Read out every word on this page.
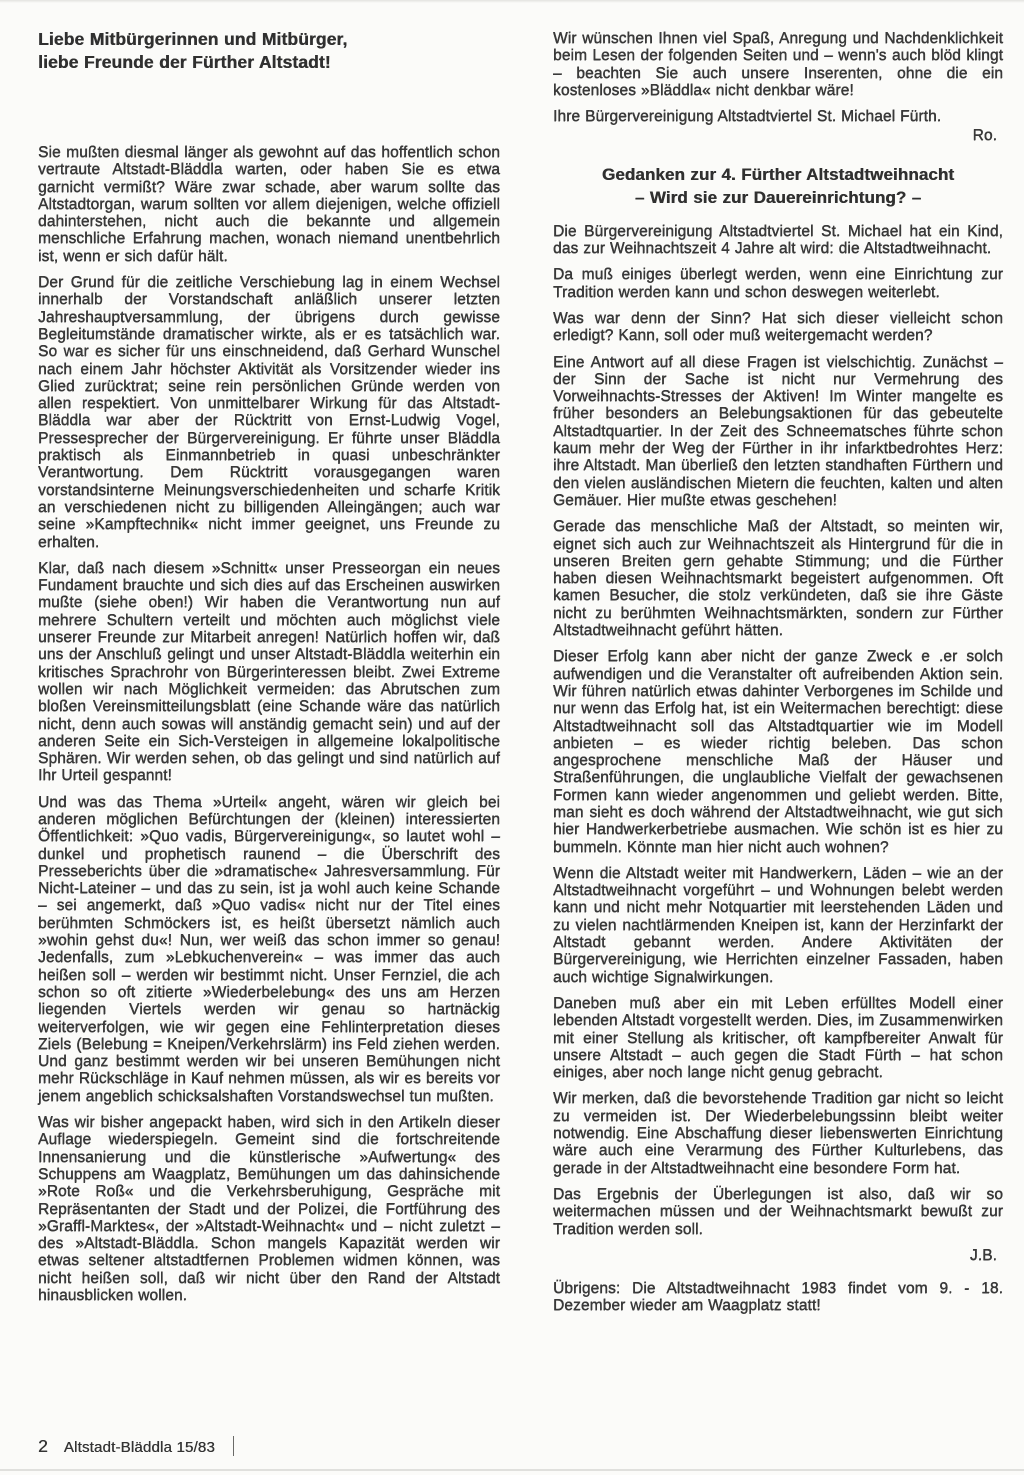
Liebe Mitbürgerinnen und Mitbürger,
liebe Freunde der Fürther Altstadt!

Sie mußten diesmal länger als gewohnt auf das hoffentlich schon vertraute Altstadt-Bläddla warten, oder haben Sie es etwa garnicht vermißt? Wäre zwar schade, aber warum sollte das Altstadtorgan, warum sollten vor allem diejenigen, welche offiziell dahinterstehen, nicht auch die bekannte und allgemein menschliche Erfahrung machen, wonach niemand unentbehrlich ist, wenn er sich dafür hält.

Der Grund für die zeitliche Verschiebung lag in einem Wechsel innerhalb der Vorstandschaft anläßlich unserer letzten Jahreshauptversammlung, der übrigens durch gewisse Begleitumstände dramatischer wirkte, als er es tatsächlich war. So war es sicher für uns einschneidend, daß Gerhard Wunschel nach einem Jahr höchster Aktivität als Vorsitzender wieder ins Glied zurücktrat; seine rein persönlichen Gründe werden von allen respektiert. Von unmittelbarer Wirkung für das Altstadt-Bläddla war aber der Rücktritt von Ernst-Ludwig Vogel, Pressesprecher der Bürgervereinigung. Er führte unser Bläddla praktisch als Einmannbetrieb in quasi unbeschränkter Verantwortung. Dem Rücktritt vorausgegangen waren vorstandsinterne Meinungsverschiedenheiten und scharfe Kritik an verschiedenen nicht zu billigenden Alleingängen; auch war seine »Kampftechnik« nicht immer geeignet, uns Freunde zu erhalten.

Klar, daß nach diesem »Schnitt« unser Presseorgan ein neues Fundament brauchte und sich dies auf das Erscheinen auswirken mußte (siehe oben!) Wir haben die Verantwortung nun auf mehrere Schultern verteilt und möchten auch möglichst viele unserer Freunde zur Mitarbeit anregen! Natürlich hoffen wir, daß uns der Anschluß gelingt und unser Altstadt-Bläddla weiterhin ein kritisches Sprachrohr von Bürgerinteressen bleibt. Zwei Extreme wollen wir nach Möglichkeit vermeiden: das Abrutschen zum bloßen Vereinsmitteilungsblatt (eine Schande wäre das natürlich nicht, denn auch sowas will anständig gemacht sein) und auf der anderen Seite ein Sich-Versteigen in allgemeine lokalpolitische Sphären. Wir werden sehen, ob das gelingt und sind natürlich auf Ihr Urteil gespannt!

Und was das Thema »Urteil« angeht, wären wir gleich bei anderen möglichen Befürchtungen der (kleinen) interessierten Öffentlichkeit: »Quo vadis, Bürgervereinigung«, so lautet wohl – dunkel und prophetisch raunend – die Überschrift des Presseberichts über die »dramatische« Jahresversammlung. Für Nicht-Lateiner – und das zu sein, ist ja wohl auch keine Schande – sei angemerkt, daß »Quo vadis« nicht nur der Titel eines berühmten Schmöckers ist, es heißt übersetzt nämlich auch »wohin gehst du«! Nun, wer weiß das schon immer so genau! Jedenfalls, zum »Lebkuchenverein« – was immer das auch heißen soll – werden wir bestimmt nicht. Unser Fernziel, die ach schon so oft zitierte »Wiederbelebung« des uns am Herzen liegenden Viertels werden wir genau so hartnäckig weiterverfolgen, wie wir gegen eine Fehlinterpretation dieses Ziels (Belebung = Kneipen/Verkehrslärm) ins Feld ziehen werden. Und ganz bestimmt werden wir bei unseren Bemühungen nicht mehr Rückschläge in Kauf nehmen müssen, als wir es bereits vor jenem angeblich schicksalshaften Vorstandswechsel tun mußten.

Was wir bisher angepackt haben, wird sich in den Artikeln dieser Auflage wiederspiegeln. Gemeint sind die fortschreitende Innensanierung und die künstlerische »Aufwertung« des Schuppens am Waagplatz, Bemühungen um das dahinsichende »Rote Roß« und die Verkehrsberuhigung, Gespräche mit Repräsentanten der Stadt und der Polizei, die Fortführung des »Graffl-Marktes«, der »Altstadt-Weihnacht« und – nicht zuletzt – des »Altstadt-Bläddla. Schon mangels Kapazität werden wir etwas seltener altstadtfernen Problemen widmen können, was nicht heißen soll, daß wir nicht über den Rand der Altstadt hinausblicken wollen.

Wir wünschen Ihnen viel Spaß, Anregung und Nachdenklichkeit beim Lesen der folgenden Seiten und – wenn's auch blöd klingt – beachten Sie auch unsere Inserenten, ohne die ein kostenloses »Bläddla« nicht denkbar wäre!

Ihre Bürgervereinigung Altstadtviertel St. Michael Fürth.

Ro.

Gedanken zur 4. Fürther Altstadtweihnacht
– Wird sie zur Dauereinrichtung? –

Die Bürgervereinigung Altstadtviertel St. Michael hat ein Kind, das zur Weihnachtszeit 4 Jahre alt wird: die Altstadtweihnacht.

Da muß einiges überlegt werden, wenn eine Einrichtung zur Tradition werden kann und schon deswegen weiterlebt.

Was war denn der Sinn? Hat sich dieser vielleicht schon erledigt? Kann, soll oder muß weitergemacht werden?

Eine Antwort auf all diese Fragen ist vielschichtig. Zunächst – der Sinn der Sache ist nicht nur Vermehrung des Vorweihnachts-Stresses der Aktiven! Im Winter mangelte es früher besonders an Belebungsaktionen für das gebeutelte Altstadtquartier. In der Zeit des Schneematsches führte schon kaum mehr der Weg der Fürther in ihr infarktbedrohtes Herz: ihre Altstadt. Man überließ den letzten standhaften Fürthern und den vielen ausländischen Mietern die feuchten, kalten und alten Gemäuer. Hier mußte etwas geschehen!

Gerade das menschliche Maß der Altstadt, so meinten wir, eignet sich auch zur Weihnachtszeit als Hintergrund für die in unseren Breiten gern gehabte Stimmung; und die Fürther haben diesen Weihnachtsmarkt begeistert aufgenommen. Oft kamen Besucher, die stolz verkündeten, daß sie ihre Gäste nicht zu berühmten Weihnachtsmärkten, sondern zur Fürther Altstadtweihnacht geführt hätten.

Dieser Erfolg kann aber nicht der ganze Zweck e .er solch aufwendigen und die Veranstalter oft aufreibenden Aktion sein. Wir führen natürlich etwas dahinter Verborgenes im Schilde und nur wenn das Erfolg hat, ist ein Weitermachen berechtigt: diese Altstadtweihnacht soll das Altstadtquartier wie im Modell anbieten – es wieder richtig beleben. Das schon angesprochene menschliche Maß der Häuser und Straßenführungen, die unglaubliche Vielfalt der gewachsenen Formen kann wieder angenommen und geliebt werden. Bitte, man sieht es doch während der Altstadtweihnacht, wie gut sich hier Handwerkerbetriebe ausmachen. Wie schön ist es hier zu bummeln. Könnte man hier nicht auch wohnen?

Wenn die Altstadt weiter mit Handwerkern, Läden – wie an der Altstadtweihnacht vorgeführt – und Wohnungen belebt werden kann und nicht mehr Notquartier mit leerstehenden Läden und zu vielen nachtlärmenden Kneipen ist, kann der Herzinfarkt der Altstadt gebannt werden. Andere Aktivitäten der Bürgervereinigung, wie Herrichten einzelner Fassaden, haben auch wichtige Signalwirkungen.

Daneben muß aber ein mit Leben erfülltes Modell einer lebenden Altstadt vorgestellt werden. Dies, im Zusammenwirken mit einer Stellung als kritischer, oft kampfbereiter Anwalt für unsere Altstadt – auch gegen die Stadt Fürth – hat schon einiges, aber noch lange nicht genug gebracht.

Wir merken, daß die bevorstehende Tradition gar nicht so leicht zu vermeiden ist. Der Wiederbelebungssinn bleibt weiter notwendig. Eine Abschaffung dieser liebenswerten Einrichtung wäre auch eine Verarmung des Fürther Kulturlebens, das gerade in der Altstadtweihnacht eine besondere Form hat.

Das Ergebnis der Überlegungen ist also, daß wir so weitermachen müssen und der Weihnachtsmarkt bewußt zur Tradition werden soll.

J.B.

Übrigens: Die Altstadtweihnacht 1983 findet vom 9. - 18. Dezember wieder am Waagplatz statt!

2 Altstadt-Bläddla 15/83
